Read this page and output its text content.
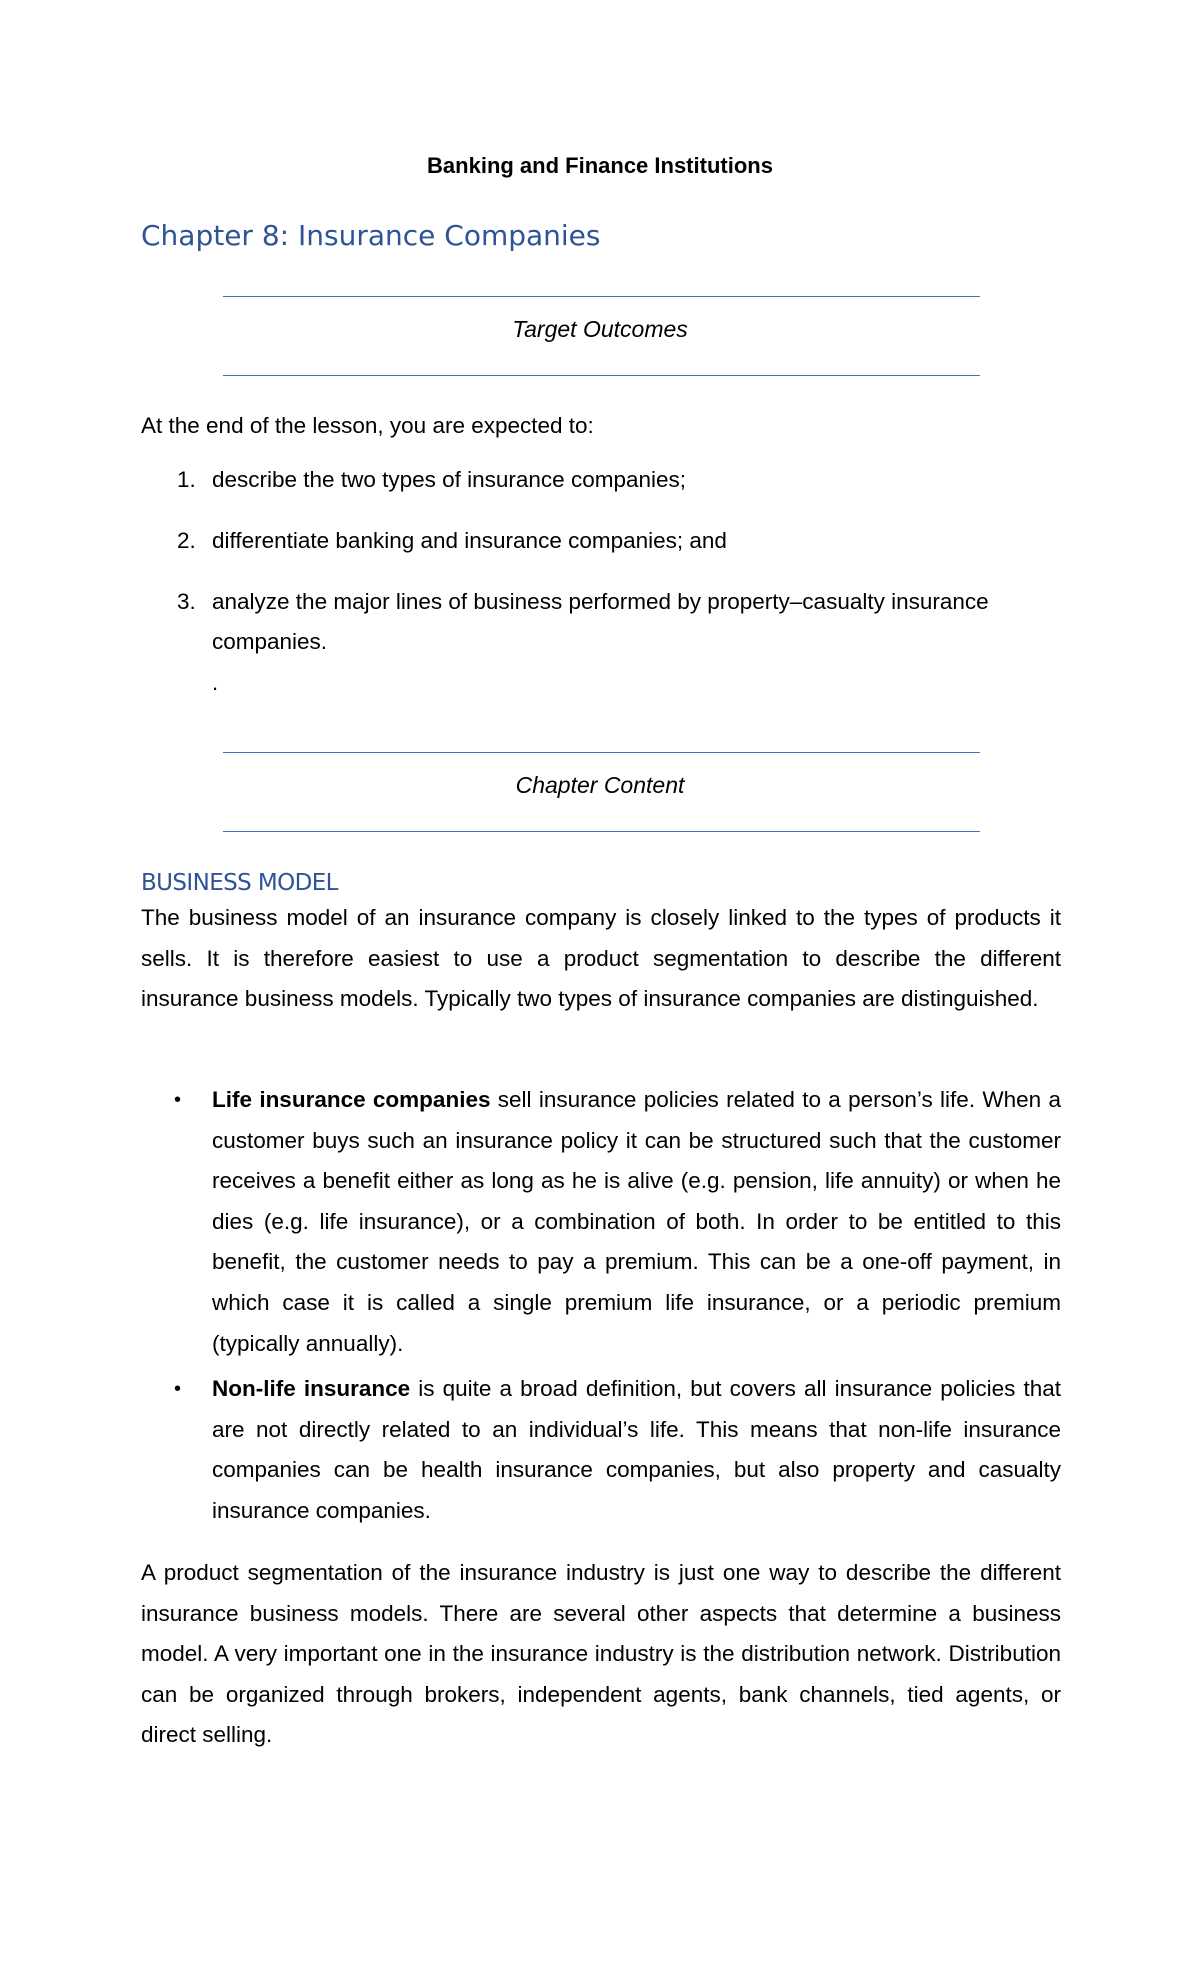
Banking and Finance Institutions
Chapter 8: Insurance Companies
Target Outcomes
At the end of the lesson, you are expected to:
1. describe the two types of insurance companies;
2. differentiate banking and insurance companies; and
3. analyze the major lines of business performed by property–casualty insurance companies.
.
Chapter Content
BUSINESS MODEL
The business model of an insurance company is closely linked to the types of products it sells. It is therefore easiest to use a product segmentation to describe the different insurance business models. Typically two types of insurance companies are distinguished.
• Life insurance companies sell insurance policies related to a person’s life. When a customer buys such an insurance policy it can be structured such that the customer receives a benefit either as long as he is alive (e.g. pension, life annuity) or when he dies (e.g. life insurance), or a combination of both. In order to be entitled to this benefit, the customer needs to pay a premium. This can be a one-off payment, in which case it is called a single premium life insurance, or a periodic premium (typically annually).
• Non-life insurance is quite a broad definition, but covers all insurance policies that are not directly related to an individual’s life. This means that non-life insurance companies can be health insurance companies, but also property and casualty insurance companies.
A product segmentation of the insurance industry is just one way to describe the different insurance business models. There are several other aspects that determine a business model. A very important one in the insurance industry is the distribution network. Distribution can be organized through brokers, independent agents, bank channels, tied agents, or direct selling.
